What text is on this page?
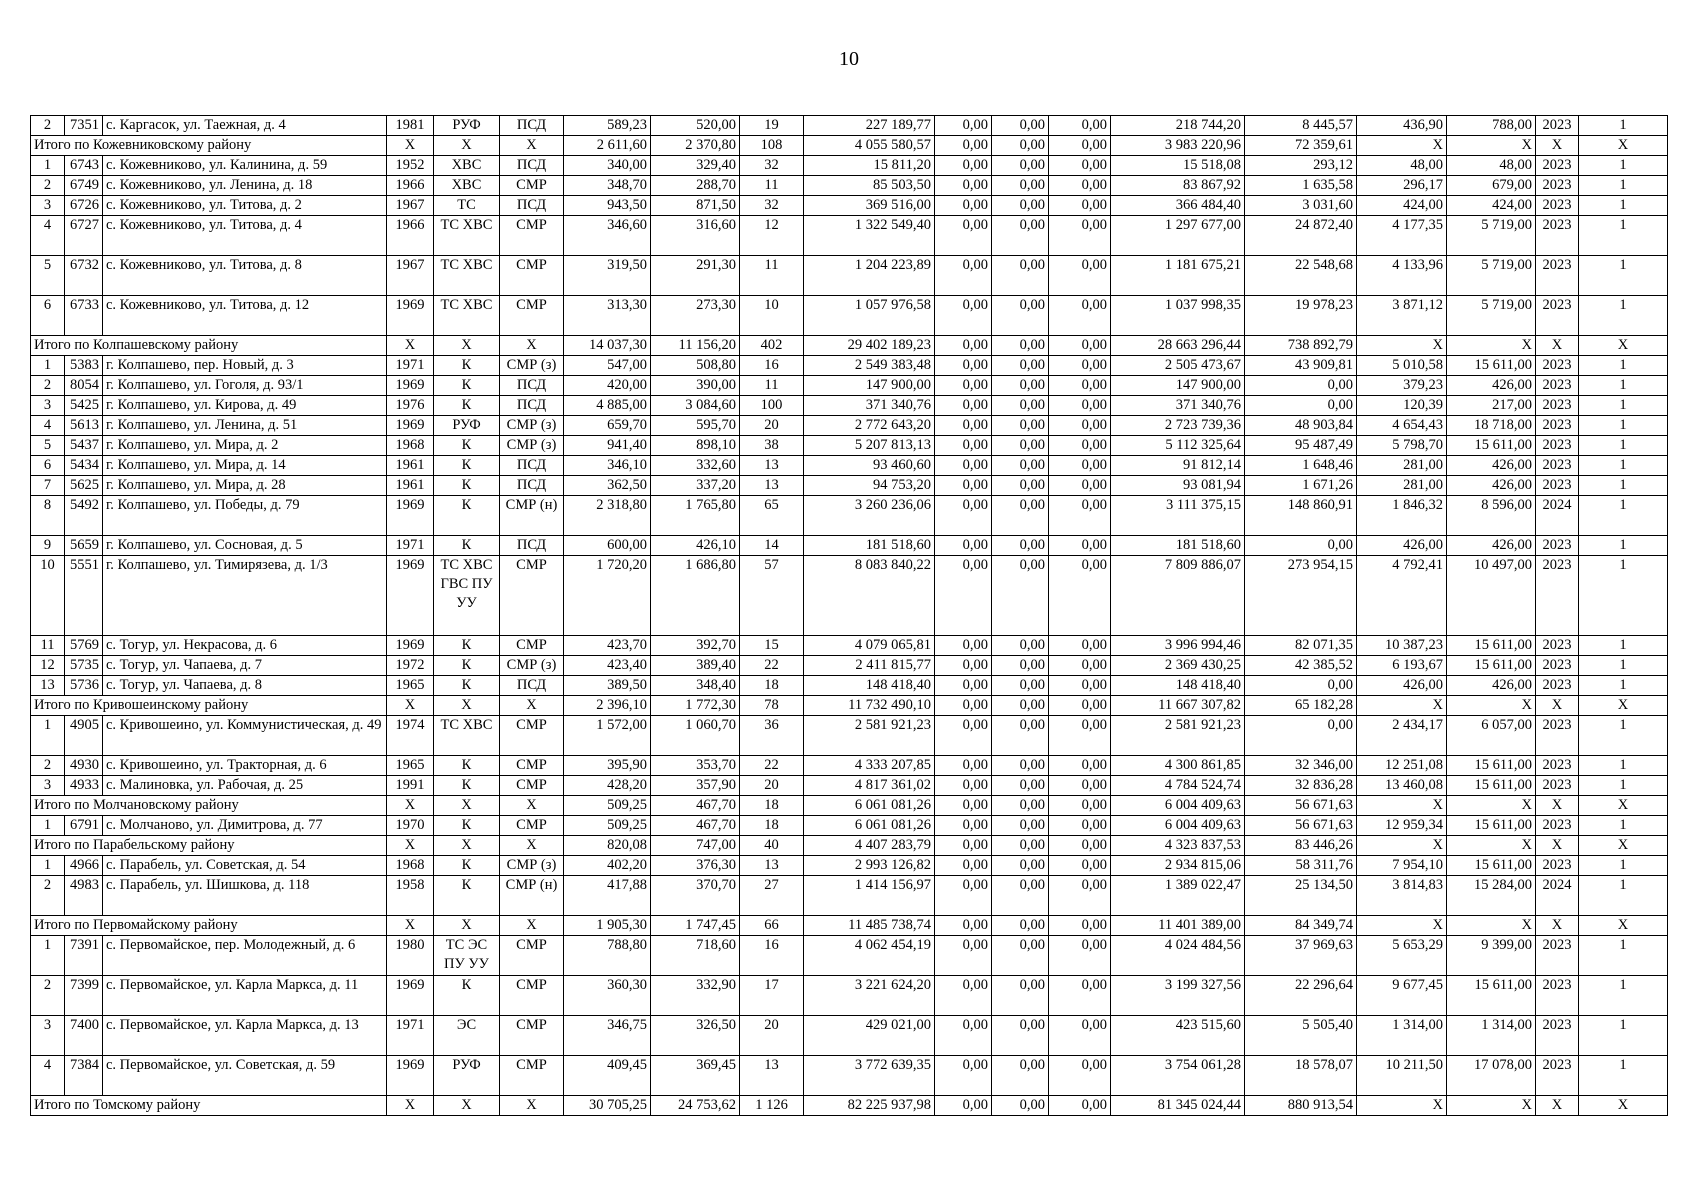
10
2	7351	с. Каргасок, ул. Таежная, д. 4	1981	РУФ	ПСД	589,23	520,00	19	227 189,77	0,00	0,00	0,00	218 744,20	8 445,57	436,90	788,00	2023	1
Итого по Кожевниковскому району			X	X	X	2 611,60	2 370,80	108	4 055 580,57	0,00	0,00	0,00	3 983 220,96	72 359,61	X	X	X	X
1	6743	с. Кожевниково, ул. Калинина, д. 59	1952	ХВС	ПСД	340,00	329,40	32	15 811,20	0,00	0,00	0,00	15 518,08	293,12	48,00	48,00	2023	1
2	6749	с. Кожевниково, ул. Ленина, д. 18	1966	ХВС	СМР	348,70	288,70	11	85 503,50	0,00	0,00	0,00	83 867,92	1 635,58	296,17	679,00	2023	1
3	6726	с. Кожевниково, ул. Титова, д. 2	1967	ТС	ПСД	943,50	871,50	32	369 516,00	0,00	0,00	0,00	366 484,40	3 031,60	424,00	424,00	2023	1
4	6727	с. Кожевниково, ул. Титова, д. 4	1966	ТС ХВС	СМР	346,60	316,60	12	1 322 549,40	0,00	0,00	0,00	1 297 677,00	24 872,40	4 177,35	5 719,00	2023	1
5	6732	с. Кожевниково, ул. Титова, д. 8	1967	ТС ХВС	СМР	319,50	291,30	11	1 204 223,89	0,00	0,00	0,00	1 181 675,21	22 548,68	4 133,96	5 719,00	2023	1
6	6733	с. Кожевниково, ул. Титова, д. 12	1969	ТС ХВС	СМР	313,30	273,30	10	1 057 976,58	0,00	0,00	0,00	1 037 998,35	19 978,23	3 871,12	5 719,00	2023	1
Итого по Колпашевскому району			X	X	X	14 037,30	11 156,20	402	29 402 189,23	0,00	0,00	0,00	28 663 296,44	738 892,79	X	X	X	X
1	5383	г. Колпашево, пер. Новый, д. 3	1971	К	СМР (з)	547,00	508,80	16	2 549 383,48	0,00	0,00	0,00	2 505 473,67	43 909,81	5 010,58	15 611,00	2023	1
2	8054	г. Колпашево, ул. Гоголя, д. 93/1	1969	К	ПСД	420,00	390,00	11	147 900,00	0,00	0,00	0,00	147 900,00	0,00	379,23	426,00	2023	1
3	5425	г. Колпашево, ул. Кирова, д. 49	1976	К	ПСД	4 885,00	3 084,60	100	371 340,76	0,00	0,00	0,00	371 340,76	0,00	120,39	217,00	2023	1
4	5613	г. Колпашево, ул. Ленина, д. 51	1969	РУФ	СМР (з)	659,70	595,70	20	2 772 643,20	0,00	0,00	0,00	2 723 739,36	48 903,84	4 654,43	18 718,00	2023	1
5	5437	г. Колпашево, ул. Мира, д. 2	1968	К	СМР (з)	941,40	898,10	38	5 207 813,13	0,00	0,00	0,00	5 112 325,64	95 487,49	5 798,70	15 611,00	2023	1
6	5434	г. Колпашево, ул. Мира, д. 14	1961	К	ПСД	346,10	332,60	13	93 460,60	0,00	0,00	0,00	91 812,14	1 648,46	281,00	426,00	2023	1
7	5625	г. Колпашево, ул. Мира, д. 28	1961	К	ПСД	362,50	337,20	13	94 753,20	0,00	0,00	0,00	93 081,94	1 671,26	281,00	426,00	2023	1
8	5492	г. Колпашево, ул. Победы, д. 79	1969	К	СМР (н)	2 318,80	1 765,80	65	3 260 236,06	0,00	0,00	0,00	3 111 375,15	148 860,91	1 846,32	8 596,00	2024	1
9	5659	г. Колпашево, ул. Сосновая, д. 5	1971	К	ПСД	600,00	426,10	14	181 518,60	0,00	0,00	0,00	181 518,60	0,00	426,00	426,00	2023	1
10	5551	г. Колпашево, ул. Тимирязева, д. 1/3	1969	ТС ХВС ГВС ПУ УУ	СМР	1 720,20	1 686,80	57	8 083 840,22	0,00	0,00	0,00	7 809 886,07	273 954,15	4 792,41	10 497,00	2023	1
11	5769	с. Тогур, ул. Некрасова, д. 6	1969	К	СМР	423,70	392,70	15	4 079 065,81	0,00	0,00	0,00	3 996 994,46	82 071,35	10 387,23	15 611,00	2023	1
12	5735	с. Тогур, ул. Чапаева, д. 7	1972	К	СМР (з)	423,40	389,40	22	2 411 815,77	0,00	0,00	0,00	2 369 430,25	42 385,52	6 193,67	15 611,00	2023	1
13	5736	с. Тогур, ул. Чапаева, д. 8	1965	К	ПСД	389,50	348,40	18	148 418,40	0,00	0,00	0,00	148 418,40	0,00	426,00	426,00	2023	1
Итого по Кривошеинскому району			X	X	X	2 396,10	1 772,30	78	11 732 490,10	0,00	0,00	0,00	11 667 307,82	65 182,28	X	X	X	X
1	4905	с. Кривошеино, ул. Коммунистическая, д. 49	1974	ТС ХВС	СМР	1 572,00	1 060,70	36	2 581 921,23	0,00	0,00	0,00	2 581 921,23	0,00	2 434,17	6 057,00	2023	1
2	4930	с. Кривошеино, ул. Тракторная, д. 6	1965	К	СМР	395,90	353,70	22	4 333 207,85	0,00	0,00	0,00	4 300 861,85	32 346,00	12 251,08	15 611,00	2023	1
3	4933	с. Малиновка, ул. Рабочая, д. 25	1991	К	СМР	428,20	357,90	20	4 817 361,02	0,00	0,00	0,00	4 784 524,74	32 836,28	13 460,08	15 611,00	2023	1
Итого по Молчановскому району			X	X	X	509,25	467,70	18	6 061 081,26	0,00	0,00	0,00	6 004 409,63	56 671,63	X	X	X	X
1	6791	с. Молчаново, ул. Димитрова, д. 77	1970	К	СМР	509,25	467,70	18	6 061 081,26	0,00	0,00	0,00	6 004 409,63	56 671,63	12 959,34	15 611,00	2023	1
Итого по Парабельскому району			X	X	X	820,08	747,00	40	4 407 283,79	0,00	0,00	0,00	4 323 837,53	83 446,26	X	X	X	X
1	4966	с. Парабель, ул. Советская, д. 54	1968	К	СМР (з)	402,20	376,30	13	2 993 126,82	0,00	0,00	0,00	2 934 815,06	58 311,76	7 954,10	15 611,00	2023	1
2	4983	с. Парабель, ул. Шишкова, д. 118	1958	К	СМР (н)	417,88	370,70	27	1 414 156,97	0,00	0,00	0,00	1 389 022,47	25 134,50	3 814,83	15 284,00	2024	1
Итого по Первомайскому району			X	X	X	1 905,30	1 747,45	66	11 485 738,74	0,00	0,00	0,00	11 401 389,00	84 349,74	X	X	X	X
1	7391	с. Первомайское, пер. Молодежный, д. 6	1980	ТС ЭС ПУ УУ	СМР	788,80	718,60	16	4 062 454,19	0,00	0,00	0,00	4 024 484,56	37 969,63	5 653,29	9 399,00	2023	1
2	7399	с. Первомайское, ул. Карла Маркса, д. 11	1969	К	СМР	360,30	332,90	17	3 221 624,20	0,00	0,00	0,00	3 199 327,56	22 296,64	9 677,45	15 611,00	2023	1
3	7400	с. Первомайское, ул. Карла Маркса, д. 13	1971	ЭС	СМР	346,75	326,50	20	429 021,00	0,00	0,00	0,00	423 515,60	5 505,40	1 314,00	1 314,00	2023	1
4	7384	с. Первомайское, ул. Советская, д. 59	1969	РУФ	СМР	409,45	369,45	13	3 772 639,35	0,00	0,00	0,00	3 754 061,28	18 578,07	10 211,50	17 078,00	2023	1
Итого по Томскому району			X	X	X	30 705,25	24 753,62	1 126	82 225 937,98	0,00	0,00	0,00	81 345 024,44	880 913,54	X	X	X	X
